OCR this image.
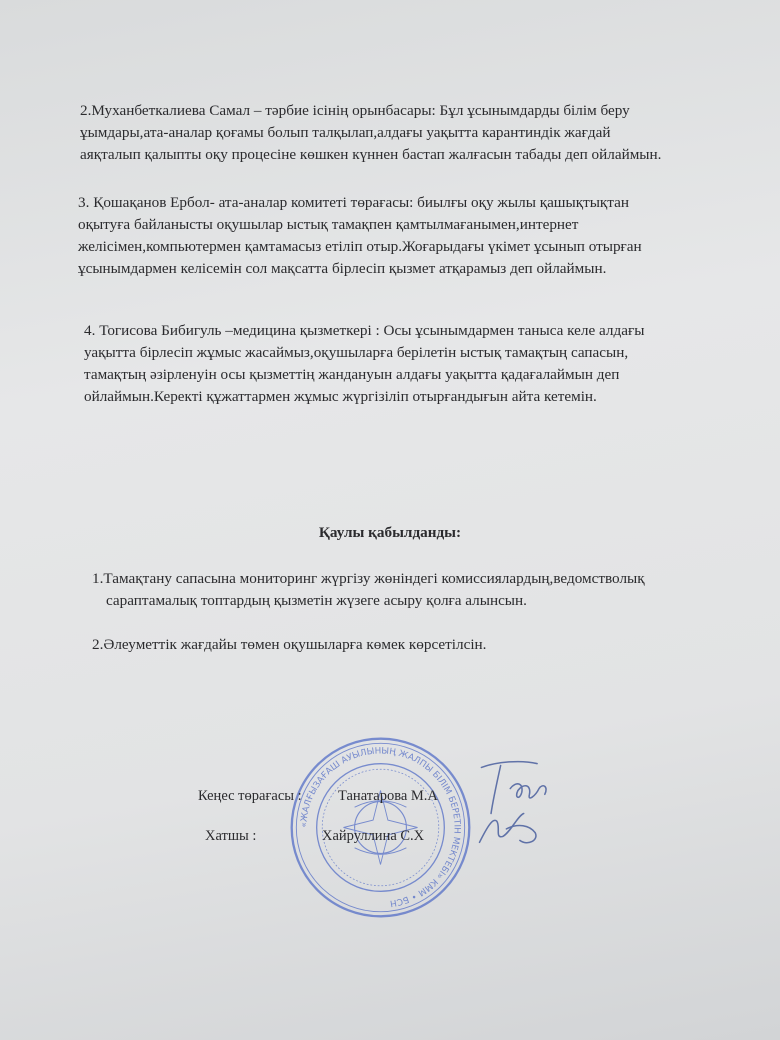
2.Муханбеткалиева Самал – тәрбие ісінің орынбасары: Бұл ұсынымдарды білім беру
ұымдары,ата-аналар қоғамы болып талқылап,алдағы уақытта карантиндік жағдай
аяқталып қалыпты оқу процесіне көшкен күннен бастап жалғасын табады деп ойлаймын.
3. Қошақанов Ербол- ата-аналар комитеті төрағасы: биылғы оқу жылы қашықтықтан
оқытуға байланысты оқушылар ыстық тамақпен қамтылмағанымен,интернет
желісімен,компьютермен қамтамасыз етіліп отыр.Жоғарыдағы үкімет ұсынып отырған
ұсынымдармен келісемін сол мақсатта бірлесіп қызмет атқарамыз деп ойлаймын.
4. Тогисова Бибигуль –медицина қызметкері : Осы ұсынымдармен таныса келе алдағы
уақытта бірлесіп жұмыс жасаймыз,оқушыларға берілетін ыстық тамақтың сапасын,
тамақтың әзірленуін осы қызметтің жандануын алдағы уақытта қадағалаймын деп
ойлаймын.Керекті құжаттармен жұмыс жүргізіліп отырғандығын айта кетемін.
Қаулы қабылданды:
1.Тамақтану сапасына мониторинг жүргізу жөніндегі комиссиялардың,ведомстволық
сараптамалық топтардың қызметін жүзеге асыру қолға алынсын.
2.Әлеуметтік жағдайы төмен оқушыларға көмек көрсетілсін.
«ЖАЛҒЫЗАҒАШ АУЫЛЫНЫҢ ЖАЛПЫ БІЛІМ БЕРЕТІН МЕКТЕБІ» КММ • БСН
Кеңес төрағасы :	Танатарова М.А
Хатшы :	Хайруллина С.Х
